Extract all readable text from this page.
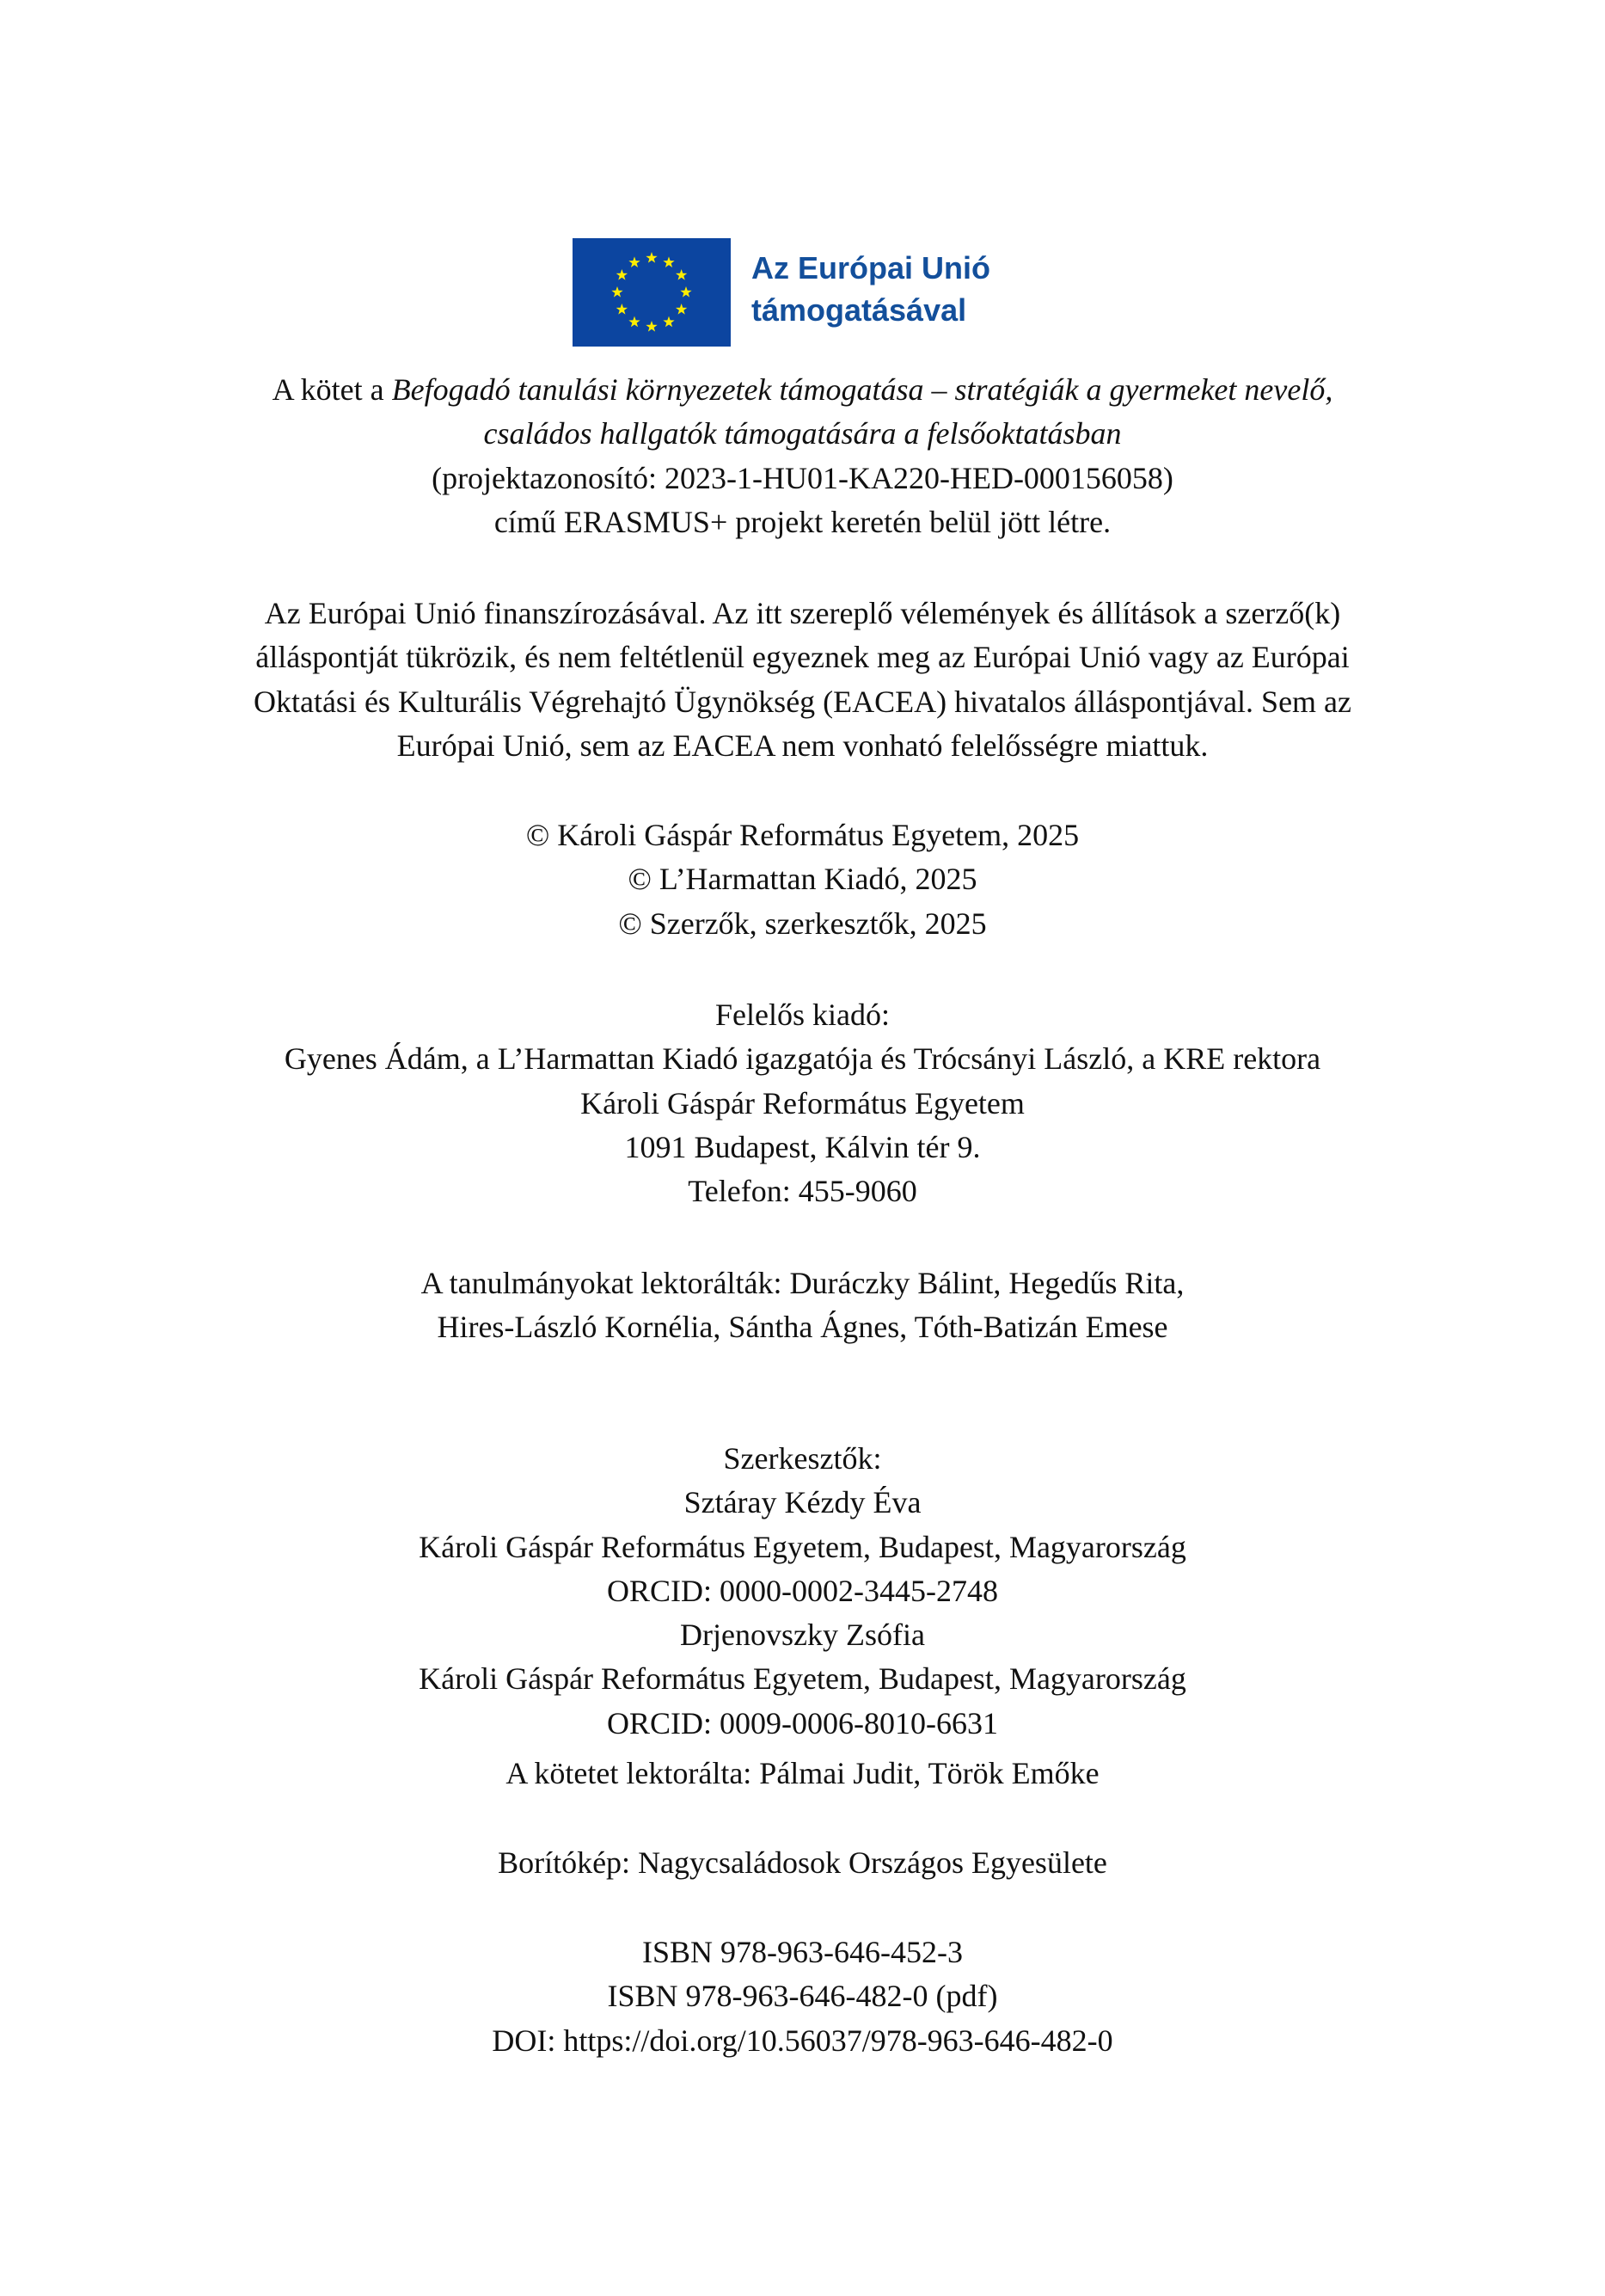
Az Európai Unió
támogatásával
A kötet a Befogadó tanulási környezetek támogatása – stratégiák a gyermeket nevelő,
családos hallgatók támogatására a felsőoktatásban
(projektazonosító: 2023-1-HU01-KA220-HED-000156058)
című ERASMUS+ projekt keretén belül jött létre.
Az Európai Unió finanszírozásával. Az itt szereplő vélemények és állítások a szerző(k)
álláspontját tükrözik, és nem feltétlenül egyeznek meg az Európai Unió vagy az Európai
Oktatási és Kulturális Végrehajtó Ügynökség (EACEA) hivatalos álláspontjával. Sem az
Európai Unió, sem az EACEA nem vonható felelősségre miattuk.
© Károli Gáspár Református Egyetem, 2025
© L’Harmattan Kiadó, 2025
© Szerzők, szerkesztők, 2025
Felelős kiadó:
Gyenes Ádám, a L’Harmattan Kiadó igazgatója és Trócsányi László, a KRE rektora
Károli Gáspár Református Egyetem
1091 Budapest, Kálvin tér 9.
Telefon: 455-9060
A tanulmányokat lektorálták: Duráczky Bálint, Hegedűs Rita,
Hires-László Kornélia, Sántha Ágnes, Tóth-Batizán Emese
Szerkesztők:
Sztáray Kézdy Éva
Károli Gáspár Református Egyetem, Budapest, Magyarország
ORCID: 0000-0002-3445-2748
Drjenovszky Zsófia
Károli Gáspár Református Egyetem, Budapest, Magyarország
ORCID: 0009-0006-8010-6631
A kötetet lektorálta: Pálmai Judit, Török Emőke
Borítókép: Nagycsaládosok Országos Egyesülete
ISBN 978-963-646-452-3
ISBN 978-963-646-482-0 (pdf)
DOI: https://doi.org/10.56037/978-963-646-482-0
